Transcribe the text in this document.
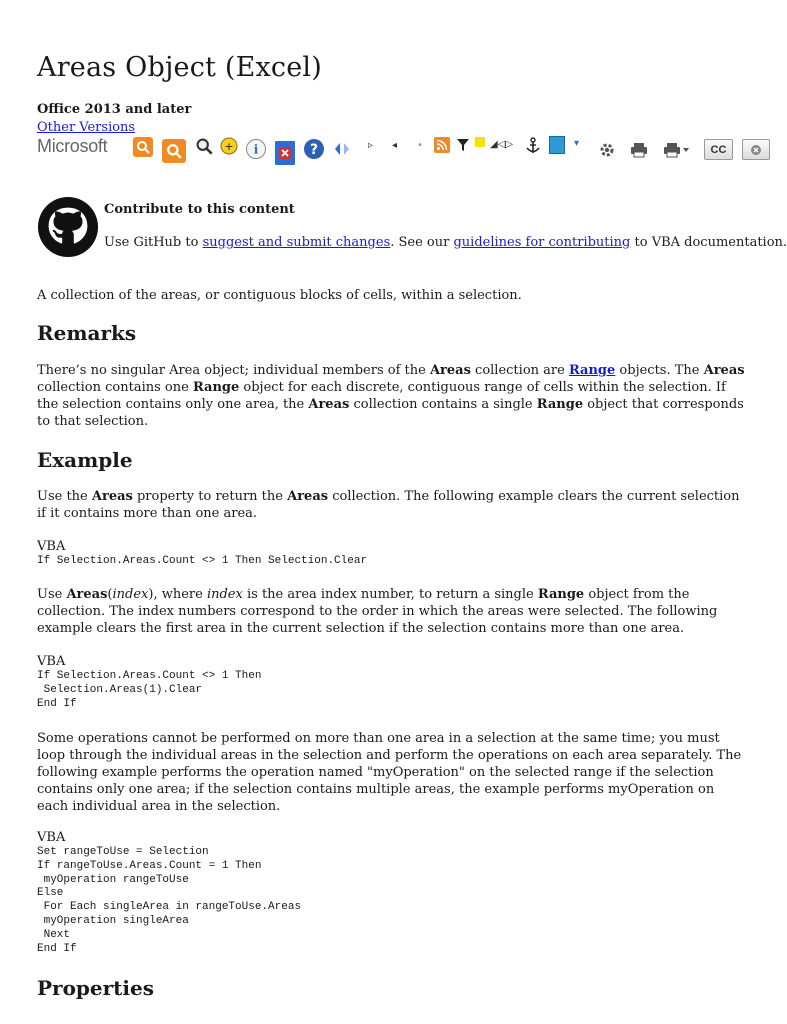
Areas Object (Excel)
Office 2013 and later
Other Versions
Microsoft	+ i	?	▹ ◂ •	◢◁▷	▾	CC
Contribute to this content
Use GitHub to suggest and submit changes. See our guidelines for contributing to VBA documentation.

A collection of the areas, or contiguous blocks of cells, within a selection.

Remarks

There’s no singular Area object; individual members of the Areas collection are Range objects. The Areas collection contains one Range object for each discrete, contiguous range of cells within the selection. If the selection contains only one area, the Areas collection contains a single Range object that corresponds to that selection.

Example

Use the Areas property to return the Areas collection. The following example clears the current selection if it contains more than one area.

VBA
If Selection.Areas.Count <> 1 Then Selection.Clear

Use Areas(index), where index is the area index number, to return a single Range object from the collection. The index numbers correspond to the order in which the areas were selected. The following example clears the first area in the current selection if the selection contains more than one area.

VBA
If Selection.Areas.Count <> 1 Then
Selection.Areas(1).Clear
End If

Some operations cannot be performed on more than one area in a selection at the same time; you must loop through the individual areas in the selection and perform the operations on each area separately. The following example performs the operation named "myOperation" on the selected range if the selection contains only one area; if the selection contains multiple areas, the example performs myOperation on each individual area in the selection.

VBA
Set rangeToUse = Selection
If rangeToUse.Areas.Count = 1 Then
myOperation rangeToUse
Else
For Each singleArea in rangeToUse.Areas
myOperation singleArea
Next
End If
Properties
